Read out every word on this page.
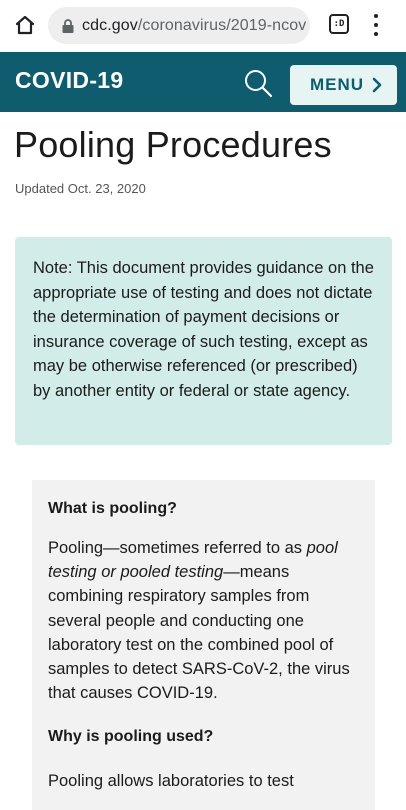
cdc.gov/coronavirus/2019-ncov	:D
COVID-19	MENU
Pooling Procedures
Updated Oct. 23, 2020

Note: This document provides guidance on the appropriate use of testing and does not dictate the determination of payment decisions or insurance coverage of such testing, except as may be otherwise referenced (or prescribed) by another entity or federal or state agency.

What is pooling?

Pooling—sometimes referred to as pool testing or pooled testing—means combining respiratory samples from several people and conducting one laboratory test on the combined pool of samples to detect SARS-CoV-2, the virus that causes COVID-19.

Why is pooling used?

Pooling allows laboratories to test
